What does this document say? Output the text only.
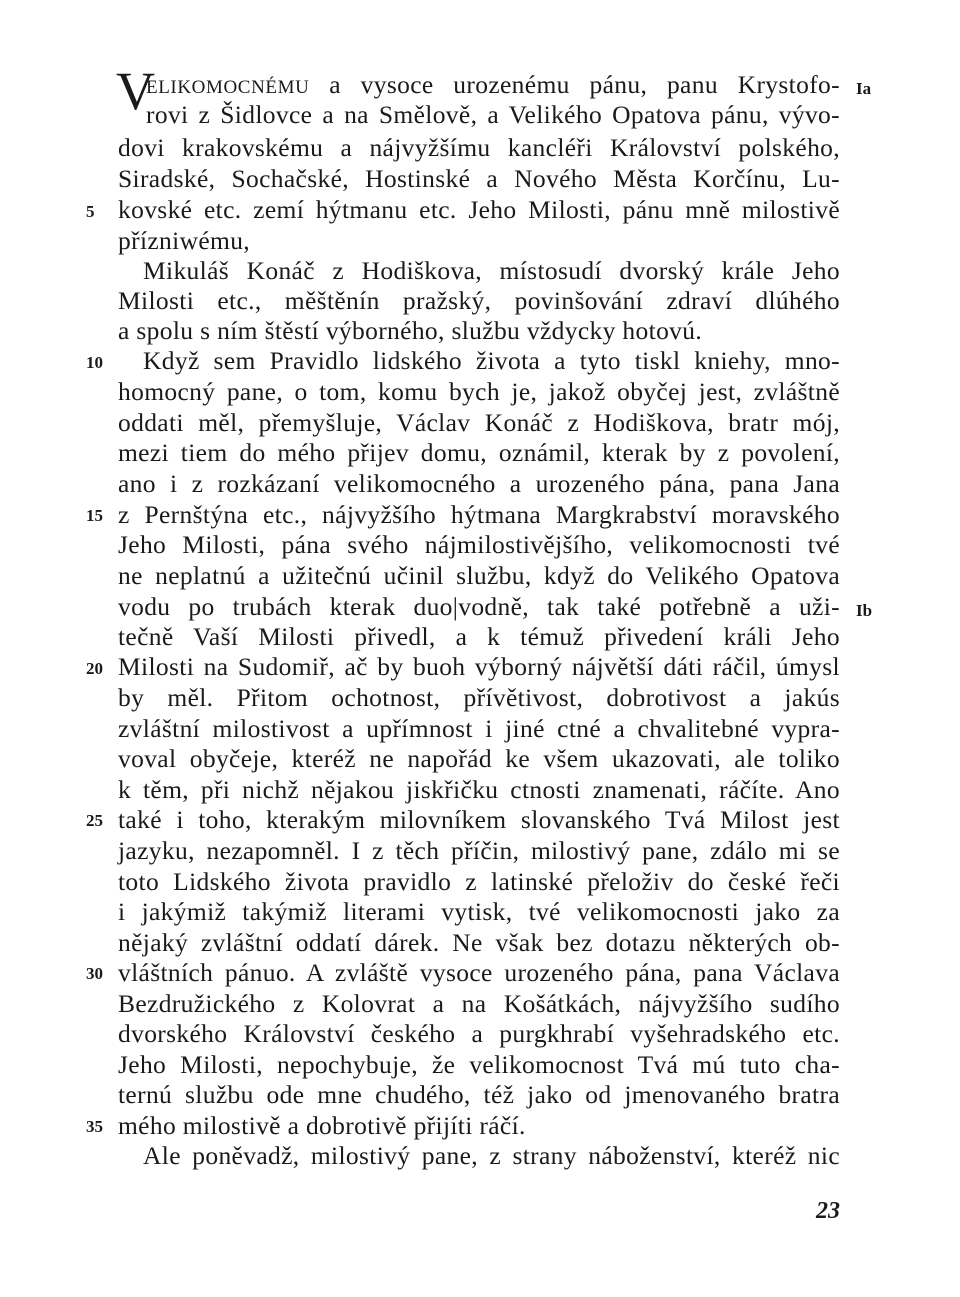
V
ELIKOMOCNÉMU a vysoce urozenému pánu, panu Krystofo-
rovi z Šidlovce a na Smělově, a Velikého Opatova pánu, vývo-
dovi krakovskému a nájvyžšímu kancléři Království polského,
Siradské, Sochačské, Hostinské a Nového Města Korčínu, Lu-
kovské etc. zemí hýtmanu etc. Jeho Milosti, pánu mně milostivě
přízniwému,
Mikuláš Konáč z Hodiškova, místosudí dvorský krále Jeho
Milosti etc., měštěnín pražský, povinšování zdraví dlúhého
a spolu s ním štěstí výborného, službu vždycky hotovú.
Když sem Pravidlo lidského života a tyto tiskl kniehy, mno-
homocný pane, o tom, komu bych je, jakož obyčej jest, zvláštně
oddati měl, přemyšluje, Václav Konáč z Hodiškova, bratr mój,
mezi tiem do mého přijev domu, oznámil, kterak by z povolení,
ano i z rozkázaní velikomocného a urozeného pána, pana Jana
z Pernštýna etc., nájvyžšího hýtmana Margkrabství moravského
Jeho Milosti, pána svého nájmilostivějšího, velikomocnosti tvé
ne neplatnú a užitečnú učinil službu, když do Velikého Opatova
vodu po trubách kterak duo|vodně, tak také potřebně a uži-
tečně Vaší Milosti přivedl, a k témuž přivedení králi Jeho
Milosti na Sudomiř, ač by buoh výborný nájvětší dáti ráčil, úmysl
by měl. Přitom ochotnost, přívětivost, dobrotivost a jakús
zvláštní milostivost a upřímnost i jiné ctné a chvalitebné vypra-
voval obyčeje, kteréž ne napořád ke všem ukazovati, ale toliko
k těm, při nichž nějakou jiskřičku ctnosti znamenati, ráčíte. Ano
také i toho, kterakým milovníkem slovanského Tvá Milost jest
jazyku, nezapomněl. I z těch příčin, milostivý pane, zdálo mi se
toto Lidského života pravidlo z latinské přeloživ do české řeči
i jakýmiž takýmiž literami vytisk, tvé velikomocnosti jako za
nějaký zvláštní oddatí dárek. Ne však bez dotazu některých ob-
vláštních pánuo. A zvláště vysoce urozeného pána, pana Václava
Bezdružického z Kolovrat a na Košátkách, nájvyžšího sudího
dvorského Království českého a purgkhrabí vyšehradského etc.
Jeho Milosti, nepochybuje, že velikomocnost Tvá mú tuto cha-
ternú službu ode mne chudého, též jako od jmenovaného bratra
mého milostivě a dobrotivě přijíti ráčí.
Ale poněvadž, milostivý pane, z strany náboženství, kteréž nic
5
10
15
20
25
30
35
Ia
Ib
23
